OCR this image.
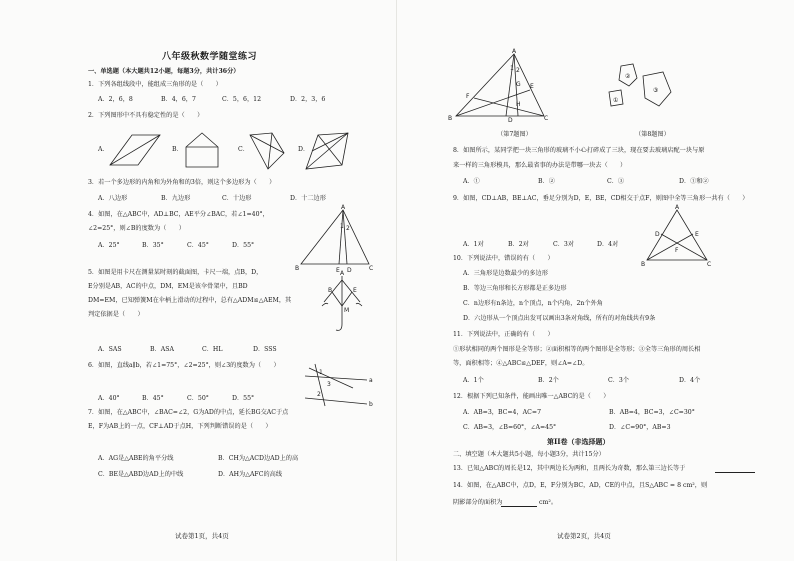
八年级秋数学随堂练习
一、单选题（本大题共12小题，每题3分，共计36分）
1．下列各组线段中，能组成三角形的是（　　）
A．2，6，8	B．4，6，7	C．5，6，12	D．2，3，6
2．下列图形中不具有稳定性的是（　　）
A．	B．	C．	D．
3．若一个多边形的内角和为外角和的3倍，则这个多边形为（　　）
A．八边形	B．九边形	C．十边形	D．十二边形
4．如图，在△ABC中，AD⊥BC，AE平分∠BAC，若∠1=40°，
∠2=25°，则∠B的度数为（　　）
A．25°	B．35°	C．45°	D．55°
A
B	C
E D
1 2
5．如图是用卡尺在测量某时刻的截面图，卡尺一端，点B，D，
E分别是AB，AC的中点，DM，EM是该伞骨架中，且BD
DM=EM，已知弹簧M在伞柄上滑动的过程中，总有△ADM≌△AEM，其
判定依据是（　　）
A．SAS	B．ASA	C．HL	D．SSS
A
B	E
M
6．如图，直线a∥b，若∠1=75°，∠2=25°，则∠3的度数为（　　）
A．40°	B．45°	C．50°	D．55°
a
b
1
3
2
7．如图，在△ABC中，∠BAC=∠2，G为AD的中点，延长BG交AC于点
E，F为AB上的一点，CF⊥AD于点H，下列判断错误的是（　　）
A．AG是△ABE的角平分线	B．CH为△ACD边AD上的高
C．BE是△ABD边AD上的中线	D．AH为△AFC的高线
试卷第1页，共4页
A
B	C
F
G
H
E
D
1 2
（第7题图）
②
①
③
（第8题图）
8．如图所示，某同学把一块三角形的玻璃不小心打碎成了三块，现在要去玻璃店配一块与原
来一样的三角形模具，那么最省事的办法是带哪一块去（　　）
A．①	B．②	C．③	D．①和②
9．如图，CD⊥AB，BE⊥AC，垂足分别为D，E，BE，CD相交于点F，则图中全等三角形一共有（　　）
A
B	C
D	E
F
A．1对	B．2对	C．3对	D．4对
10．下列说法中，错误的有（　　）
A．三角形是边数最少的多边形
B．等边三角形和长方形都是正多边形
C．n边形有n条边，n个顶点，n个内角，2n个外角
D．六边形从一个顶点出发可以画出3条对角线，所有的对角线共有9条
11．下列说法中，正确的有（　　）
①形状相同的两个图形是全等形；②面积相等的两个图形是全等形；③全等三角形的周长相
等，面积相等；④△ABC≌△DEF，则∠A=∠D。
A．1个	B．2个	C．3个	D．4个
12．根据下列已知条件，能画出唯一△ABC的是（　　）
A．AB=3，BC=4，AC=7	B．AB=4，BC=3，∠C=30°
C．AB=3，∠B=60°，∠A=45°	D．∠C=90°，AB=3
第II卷（非选择题）
二、填空题（本大题共5小题，每小题3分，共计15分）
13．已知△ABC的周长是12，其中两边长为两和，且两长为奇数，那么第三边长等于
14．如图，在△ABC中，点D，E，F分别为BC，AD，CE的中点，且S△ABC = 8 cm²，则
阴影部分的面积为	cm²。
试卷第2页，共4页
